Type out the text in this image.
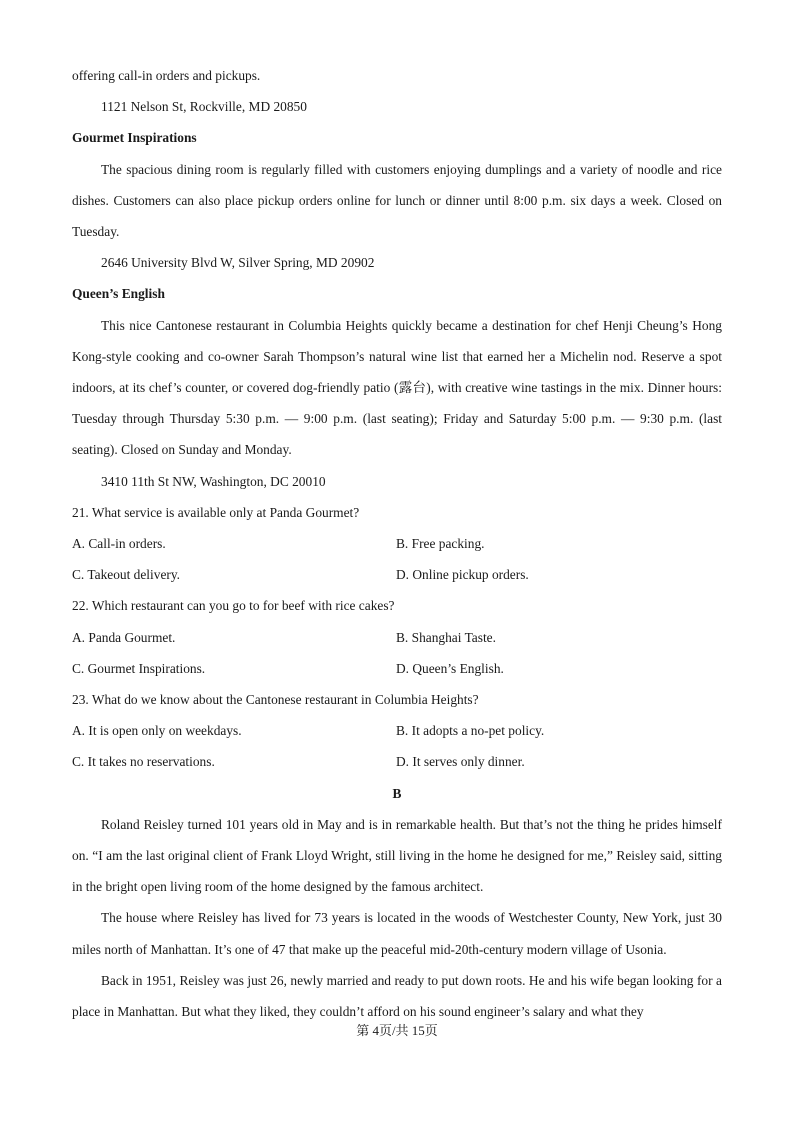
offering call-in orders and pickups.

1121 Nelson St, Rockville, MD 20850

Gourmet Inspirations

The spacious dining room is regularly filled with customers enjoying dumplings and a variety of noodle and rice dishes. Customers can also place pickup orders online for lunch or dinner until 8:00 p.m. six days a week. Closed on Tuesday.

2646 University Blvd W, Silver Spring, MD 20902

Queen’s English

This nice Cantonese restaurant in Columbia Heights quickly became a destination for chef Henji Cheung’s Hong Kong-style cooking and co-owner Sarah Thompson’s natural wine list that earned her a Michelin nod. Reserve a spot indoors, at its chef’s counter, or covered dog-friendly patio (露台), with creative wine tastings in the mix. Dinner hours: Tuesday through Thursday 5:30 p.m. — 9:00 p.m. (last seating); Friday and Saturday 5:00 p.m. — 9:30 p.m. (last seating). Closed on Sunday and Monday.

3410 11th St NW, Washington, DC 20010

21. What service is available only at Panda Gourmet?

A. Call-in orders.	B. Free packing.

C. Takeout delivery.	D. Online pickup orders.

22. Which restaurant can you go to for beef with rice cakes?

A. Panda Gourmet.	B. Shanghai Taste.

C. Gourmet Inspirations.	D. Queen’s English.

23. What do we know about the Cantonese restaurant in Columbia Heights?

A. It is open only on weekdays.	B. It adopts a no-pet policy.

C. It takes no reservations.	D. It serves only dinner.

B

Roland Reisley turned 101 years old in May and is in remarkable health. But that’s not the thing he prides himself on. “I am the last original client of Frank Lloyd Wright, still living in the home he designed for me,” Reisley said, sitting in the bright open living room of the home designed by the famous architect.

The house where Reisley has lived for 73 years is located in the woods of Westchester County, New York, just 30 miles north of Manhattan. It’s one of 47 that make up the peaceful mid-20th-century modern village of Usonia.

Back in 1951, Reisley was just 26, newly married and ready to put down roots. He and his wife began looking for a place in Manhattan. But what they liked, they couldn’t afford on his sound engineer’s salary and what they

第 4页/共 15页
